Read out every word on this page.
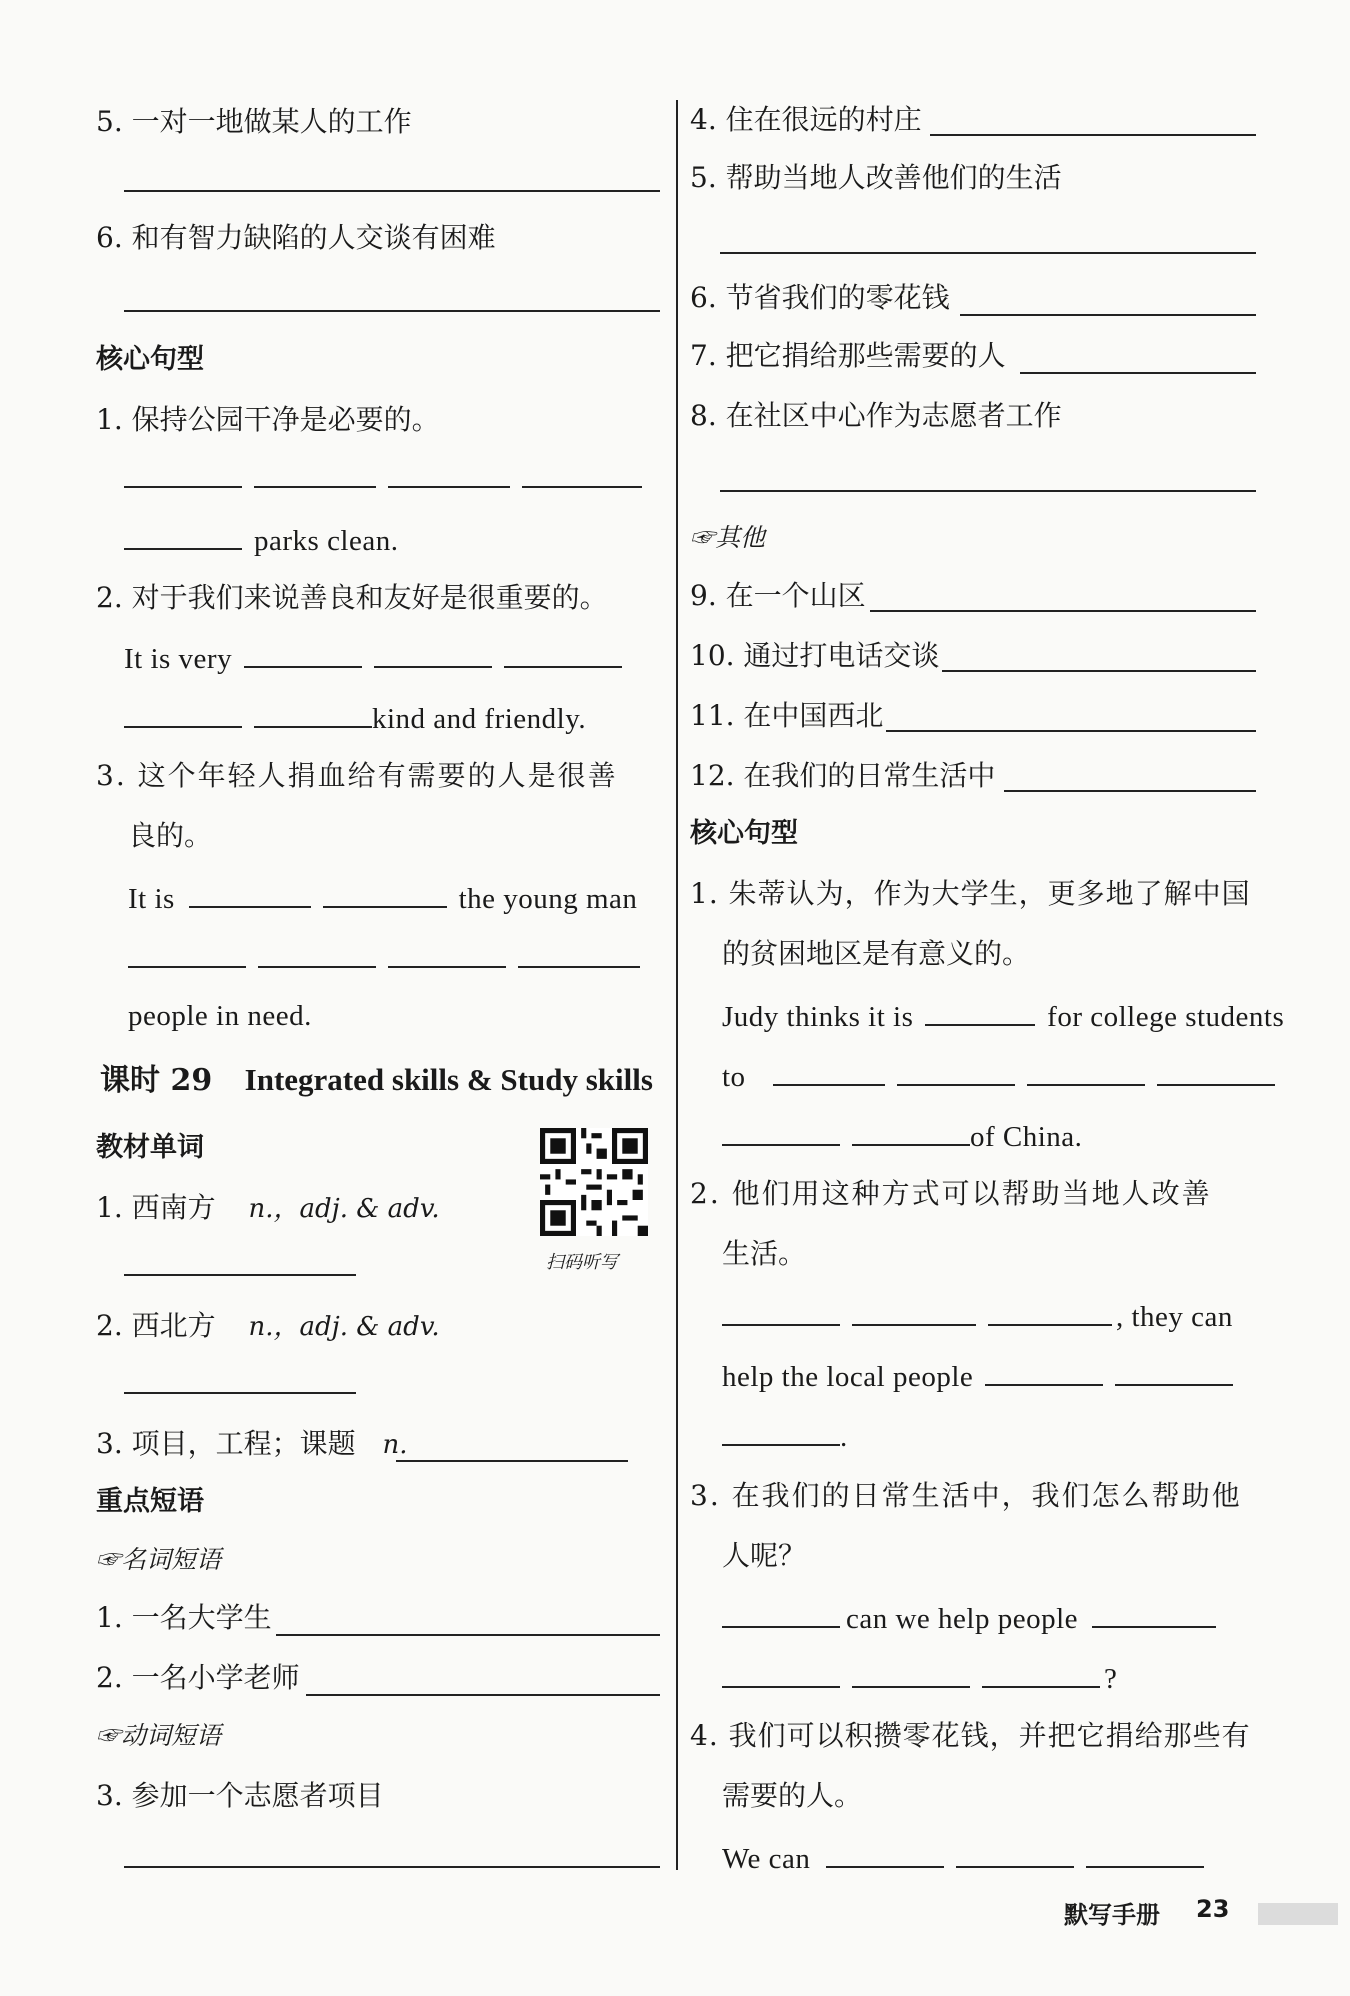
5. 一对一地做某人的工作
6. 和有智力缺陷的人交谈有困难
核心句型
1. 保持公园干净是必要的。
parks clean.
2. 对于我们来说善良和友好是很重要的。
It is very
kind and friendly.
3. 这个年轻人捐血给有需要的人是很善
良的。
It is	the young man
people in need.
课时 29 Integrated skills & Study skills
教材单词
1. 西南方 n.，adj. & adv.
2. 西北方 n.，adj. & adv.
3. 项目，工程；课题 n.
重点短语
☞名词短语
1. 一名大学生
2. 一名小学老师
☞动词短语
3. 参加一个志愿者项目
扫码听写
4. 住在很远的村庄
5. 帮助当地人改善他们的生活
6. 节省我们的零花钱
7. 把它捐给那些需要的人
8. 在社区中心作为志愿者工作
☞其他
9. 在一个山区
10. 通过打电话交谈
11. 在中国西北
12. 在我们的日常生活中
核心句型
1. 朱蒂认为，作为大学生，更多地了解中国
的贫困地区是有意义的。
Judy thinks it is	for college students
to
of China.
2. 他们用这种方式可以帮助当地人改善
生活。
, they can
help the local people
.
3. 在我们的日常生活中，我们怎么帮助他
人呢？
can we help people
?
4. 我们可以积攒零花钱，并把它捐给那些有
需要的人。
We can
默写手册 23
